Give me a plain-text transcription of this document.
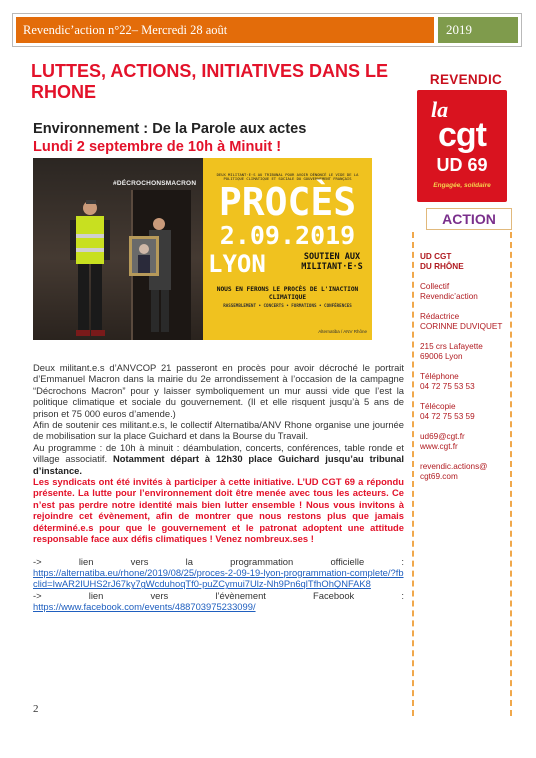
Revendic’action n°22– Mercredi 28 août	2019
LUTTES, ACTIONS, INITIATIVES DANS LE RHONE
Environnement : De la Parole aux actes
Lundi 2 septembre de 10h à Minuit !
#DÉCROCHONSMACRON
DEUX MILITANT·E·S AU TRIBUNAL POUR AVOIR DÉNONCÉ LE VIDE DE LA POLITIQUE CLIMATIQUE ET SOCIALE DU GOUVERNEMENT FRANÇAIS
PROCÈS
2.09.2019
LYON	SOUTIEN AUX MILITANT·E·S
NOUS EN FERONS LE PROCÈS DE L'INACTION CLIMATIQUE
RASSEMBLEMENT • CONCERTS • FORMATIONS • CONFÉRENCES
Alternatiba / ANV Rhône

Deux militant.e.s d’ANVCOP 21 passeront en procès pour avoir décroché le portrait d’Emmanuel Macron dans la mairie du 2e arrondissement à l’occasion de la campagne “Décrochons Macron” pour y laisser symboliquement un mur aussi vide que l’est la politique climatique et sociale du gouvernement. (Il et elle risquent jusqu’à 5 ans de prison et 75 000 euros d’amende.)

Afin de soutenir ces militant.e.s, le collectif Alternatiba/ANV Rhone organise une journée de mobilisation sur la place Guichard et dans la Bourse du Travail.

Au programme : de 10h à minuit : déambulation, concerts, conférences, table ronde et village associatif. Notamment départ à 12h30 place Guichard jusqu’au tribunal d’instance.

Les syndicats ont été invités à participer à cette initiative. L’UD CGT 69 a répondu présente. La lutte pour l’environnement doit être menée avec tous les acteurs. Ce n’est pas perdre notre identité mais bien lutter ensemble ! Nous vous invitons à rejoindre cet évènement, afin de montrer que nous restons plus que jamais déterminé.e.s pour que le gouvernement et le patronat adoptent une attitude responsable face aux défis climatiques ! Venez nombreux.ses !

->	lien	vers	la	programmation	officielle	:
https://alternatiba.eu/rhone/2019/08/25/proces-2-09-19-lyon-programmation-complete/?fbclid=IwAR2IUHS2rJ67ky7gWcduhoqTf0-puZCymui7Ulz-Nh9Pn6qlTfhOhQNFAK8
->	lien	vers	l’évènement	Facebook	:
https://www.facebook.com/events/488703975233099/
2
REVENDIC
la
cgt
UD 69
Engagée, solidaire
ACTION
UD CGT
DU RHÔNE
Collectif
Revendic’action
Rédactrice
CORINNE DUVIQUET
215 crs Lafayette
69006 Lyon
Téléphone
04 72 75 53 53
Télécopie
04 72 75 53 59
ud69@cgt.fr
www.cgt.fr
revendic.actions@
cgt69.com
